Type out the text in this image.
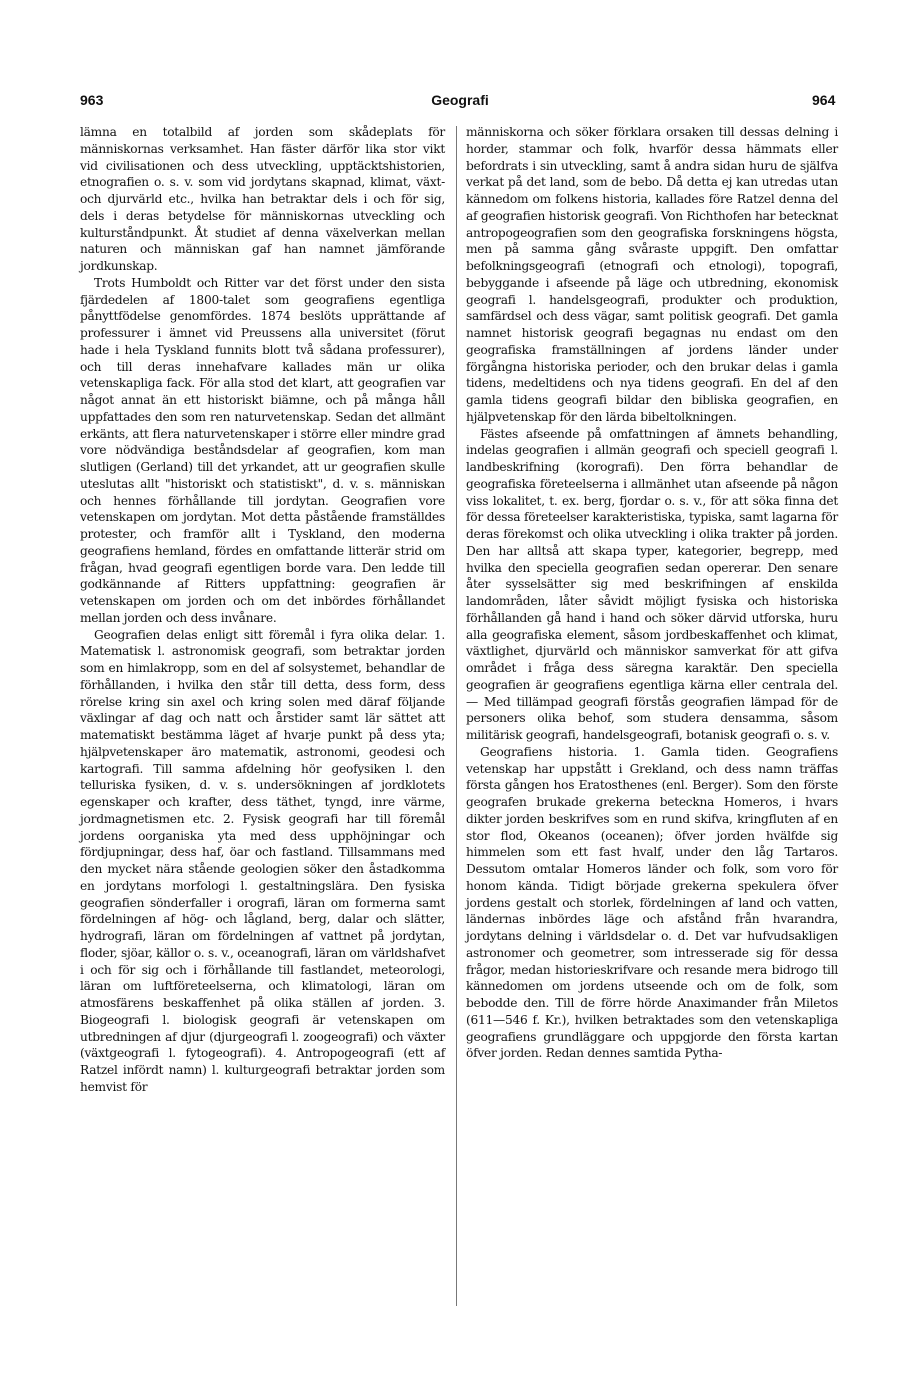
963	Geografi	964

lämna en totalbild af jorden som skådeplats för människornas verksamhet. Han fäster därför lika stor vikt vid civilisationen och dess utveckling, upptäcktshistorien, etnografien o. s. v. som vid jordytans skapnad, klimat, växt- och djurvärld etc., hvilka han betraktar dels i och för sig, dels i deras betydelse för människornas utveckling och kulturståndpunkt. Åt studiet af denna växelverkan mellan naturen och människan gaf han namnet jämförande jordkunskap.

Trots Humboldt och Ritter var det först under den sista fjärdedelen af 1800-talet som geografiens egentliga pånyttfödelse genomfördes. 1874 beslöts upprättande af professurer i ämnet vid Preussens alla universitet (förut hade i hela Tyskland funnits blott två sådana professurer), och till deras innehafvare kallades män ur olika vetenskapliga fack. För alla stod det klart, att geografien var något annat än ett historiskt biämne, och på många håll uppfattades den som ren naturvetenskap. Sedan det allmänt erkänts, att flera naturvetenskaper i större eller mindre grad vore nödvändiga beståndsdelar af geografien, kom man slutligen (Gerland) till det yrkandet, att ur geografien skulle uteslutas allt "historiskt och statistiskt", d. v. s. människan och hennes förhållande till jordytan. Geografien vore vetenskapen om jordytan. Mot detta påstående framställdes protester, och framför allt i Tyskland, den moderna geografiens hemland, fördes en omfattande litterär strid om frågan, hvad geografi egentligen borde vara. Den ledde till godkännande af Ritters uppfattning: geografien är vetenskapen om jorden och om det inbördes förhållandet mellan jorden och dess invånare.

Geografien delas enligt sitt föremål i fyra olika delar. 1. Matematisk l. astronomisk geografi, som betraktar jorden som en himlakropp, som en del af solsystemet, behandlar de förhållanden, i hvilka den står till detta, dess form, dess rörelse kring sin axel och kring solen med däraf följande växlingar af dag och natt och årstider samt lär sättet att matematiskt bestämma läget af hvarje punkt på dess yta; hjälpvetenskaper äro matematik, astronomi, geodesi och kartografi. Till samma afdelning hör geofysiken l. den telluriska fysiken, d. v. s. undersökningen af jordklotets egenskaper och krafter, dess täthet, tyngd, inre värme, jordmagnetismen etc. 2. Fysisk geografi har till föremål jordens oorganiska yta med dess upphöjningar och fördjupningar, dess haf, öar och fastland. Tillsammans med den mycket nära stående geologien söker den åstadkomma en jordytans morfologi l. gestaltningslära. Den fysiska geografien sönderfaller i orografi, läran om formerna samt fördelningen af hög- och lågland, berg, dalar och slätter, hydrografi, läran om fördelningen af vattnet på jordytan, floder, sjöar, källor o. s. v., oceanografi, läran om världshafvet i och för sig och i förhållande till fastlandet, meteorologi, läran om luftföreteelserna, och klimatologi, läran om atmosfärens beskaffenhet på olika ställen af jorden. 3. Biogeografi l. biologisk geografi är vetenskapen om utbredningen af djur (djurgeografi l. zoogeografi) och växter (växtgeografi l. fytogeografi). 4. Antropogeografi (ett af Ratzel infördt namn) l. kulturgeografi betraktar jorden som hemvist för

människorna och söker förklara orsaken till dessas delning i horder, stammar och folk, hvarför dessa hämmats eller befordrats i sin utveckling, samt å andra sidan huru de själfva verkat på det land, som de bebo. Då detta ej kan utredas utan kännedom om folkens historia, kallades före Ratzel denna del af geografien historisk geografi. Von Richthofen har betecknat antropogeografien som den geografiska forskningens högsta, men på samma gång svåraste uppgift. Den omfattar befolkningsgeografi (etnografi och etnologi), topografi, bebyggande i afseende på läge och utbredning, ekonomisk geografi l. handelsgeografi, produkter och produktion, samfärdsel och dess vägar, samt politisk geografi. Det gamla namnet historisk geografi begagnas nu endast om den geografiska framställningen af jordens länder under förgångna historiska perioder, och den brukar delas i gamla tidens, medeltidens och nya tidens geografi. En del af den gamla tidens geografi bildar den bibliska geografien, en hjälpvetenskap för den lärda bibeltolkningen.

Fästes afseende på omfattningen af ämnets behandling, indelas geografien i allmän geografi och speciell geografi l. landbeskrifning (korografi). Den förra behandlar de geografiska företeelserna i allmänhet utan afseende på någon viss lokalitet, t. ex. berg, fjordar o. s. v., för att söka finna det för dessa företeelser karakteristiska, typiska, samt lagarna för deras förekomst och olika utveckling i olika trakter på jorden. Den har alltså att skapa typer, kategorier, begrepp, med hvilka den speciella geografien sedan opererar. Den senare åter sysselsätter sig med beskrifningen af enskilda landområden, låter såvidt möjligt fysiska och historiska förhållanden gå hand i hand och söker därvid utforska, huru alla geografiska element, såsom jordbeskaffenhet och klimat, växtlighet, djurvärld och människor samverkat för att gifva området i fråga dess säregna karaktär. Den speciella geografien är geografiens egentliga kärna eller centrala del. — Med tillämpad geografi förstås geografien lämpad för de personers olika behof, som studera densamma, såsom militärisk geografi, handelsgeografi, botanisk geografi o. s. v.

Geografiens historia. 1. Gamla tiden. Geografiens vetenskap har uppstått i Grekland, och dess namn träffas första gången hos Eratosthenes (enl. Berger). Som den förste geografen brukade grekerna beteckna Homeros, i hvars dikter jorden beskrifves som en rund skifva, kringfluten af en stor flod, Okeanos (oceanen); öfver jorden hvälfde sig himmelen som ett fast hvalf, under den låg Tartaros. Dessutom omtalar Homeros länder och folk, som voro för honom kända. Tidigt började grekerna spekulera öfver jordens gestalt och storlek, fördelningen af land och vatten, ländernas inbördes läge och afstånd från hvarandra, jordytans delning i världsdelar o. d. Det var hufvudsakligen astronomer och geometrer, som intresserade sig för dessa frågor, medan historieskrifvare och resande mera bidrogo till kännedomen om jordens utseende och om de folk, som bebodde den. Till de förre hörde Anaximander från Miletos (611—546 f. Kr.), hvilken betraktades som den vetenskapliga geografiens grundläggare och uppgjorde den första kartan öfver jorden. Redan dennes samtida Pytha-
